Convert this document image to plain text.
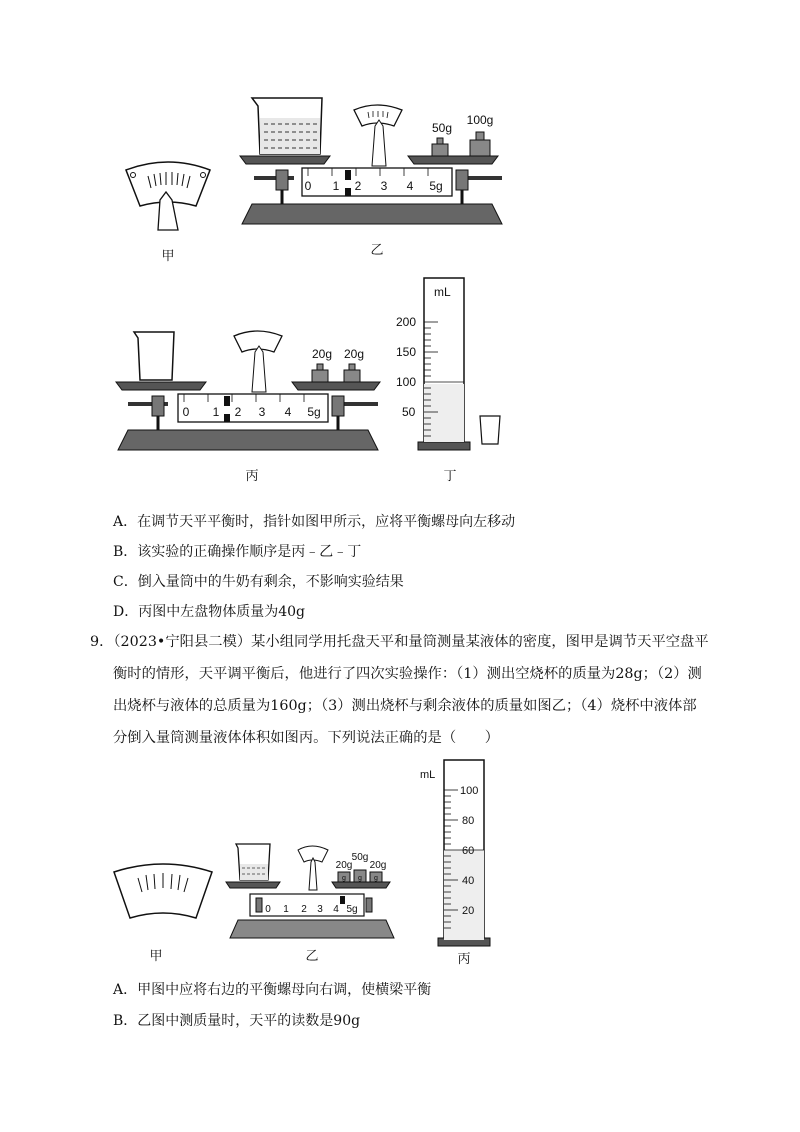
甲
50g
100g
0 1 2 3 4 5g
乙
20g 20g
0 1 2 3 4 5g
丙
mL
200
150
100
50
丁
A．在调节天平平衡时，指针如图甲所示，应将平衡螺母向左移动
B．该实验的正确操作顺序是丙﹣乙﹣丁
C．倒入量筒中的牛奶有剩余，不影响实验结果
D．丙图中左盘物体质量为40g
9．（2023•宁阳县二模）某小组同学用托盘天平和量筒测量某液体的密度，图甲是调节天平空盘平
衡时的情形，天平调平衡后，他进行了四次实验操作：（1）测出空烧杯的质量为28g；（2）测
出烧杯与液体的总质量为160g；（3）测出烧杯与剩余液体的质量如图乙；（4）烧杯中液体部
分倒入量筒测量液体体积如图丙。下列说法正确的是（　　）
甲
20g
50g
20g
g g g
0 1 2 3 4 5g
乙
mL
100
80
60
40
20
丙
A．甲图中应将右边的平衡螺母向右调，使横梁平衡
B．乙图中测质量时，天平的读数是90g
